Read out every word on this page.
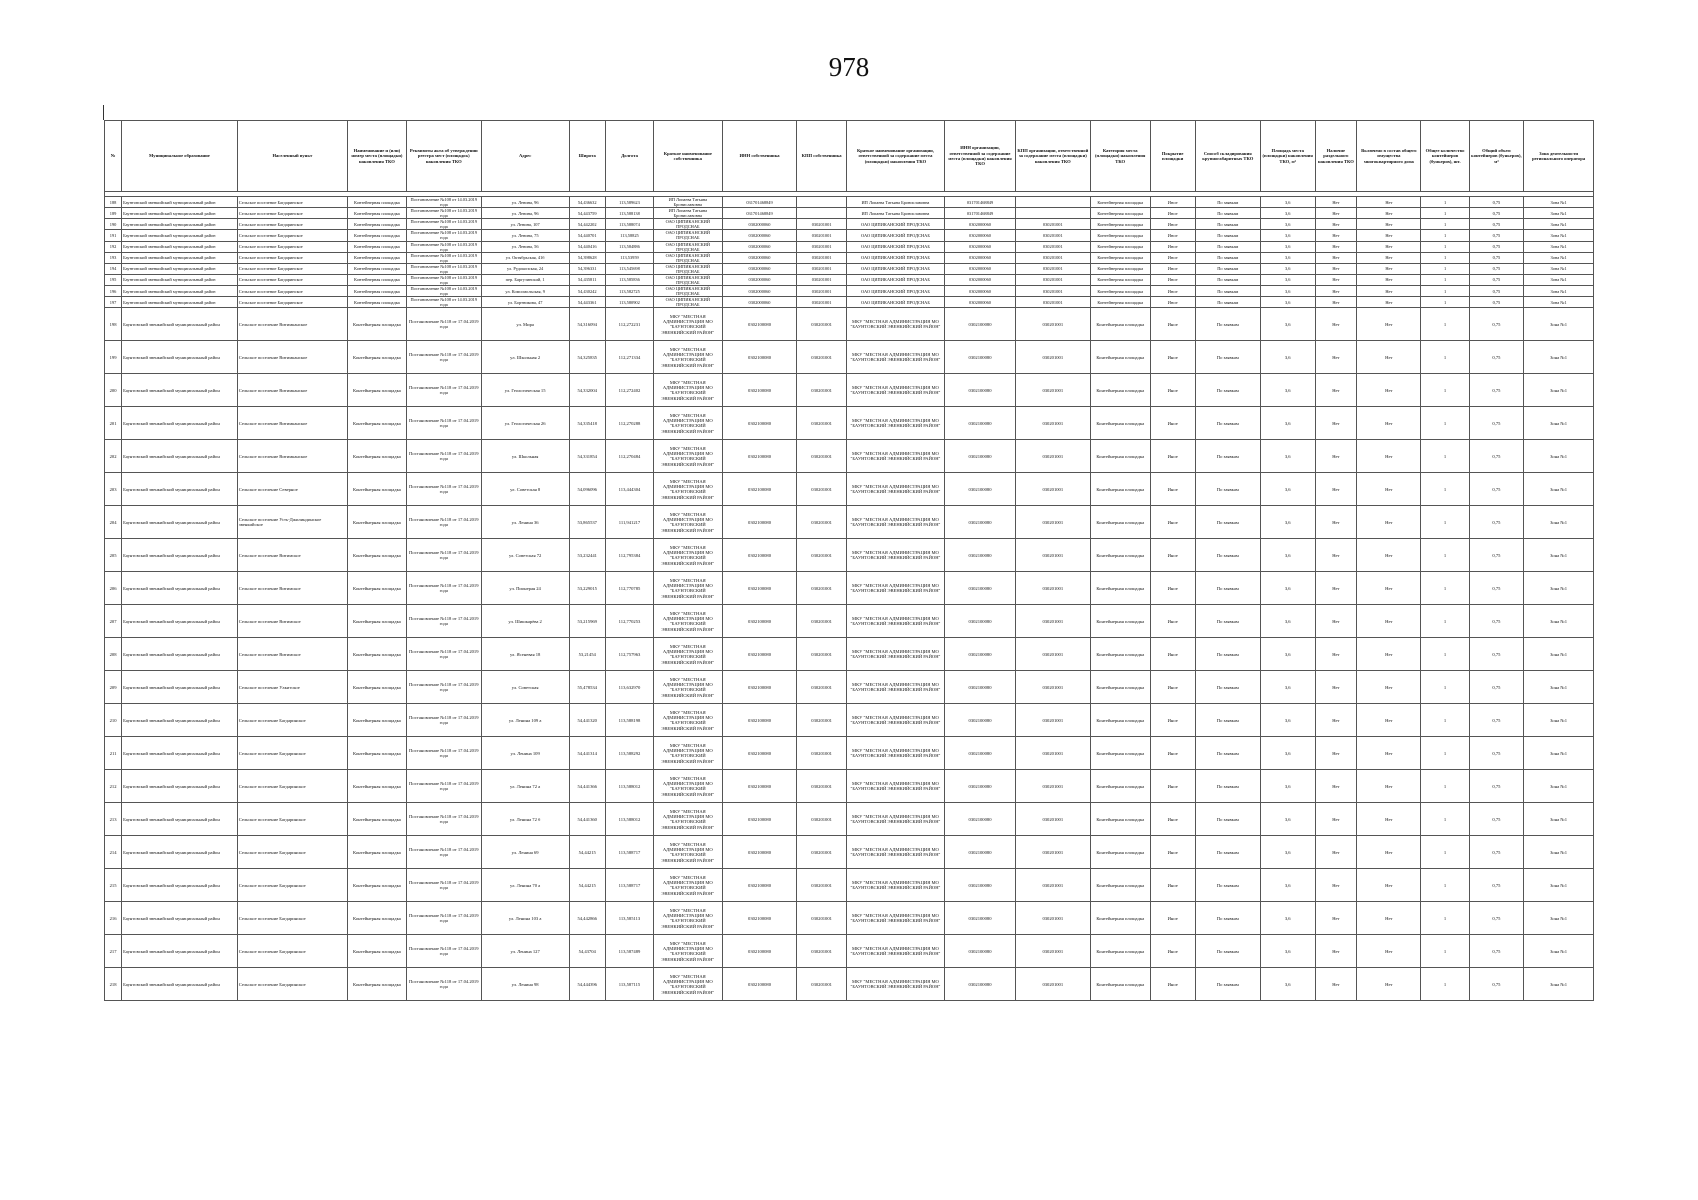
978
№	Муниципальное образование	Населенный пункт	Наименование и (или) номер места (площадки) накопления ТКО	Реквизиты акта об утверждении реестра мест (площадок) накопления ТКО	Адрес	Широта	Долгота	Краткое наименование собственника	ИНН собственника	КПП собственника	Краткое наименование организации, ответственной за содержание места (площадки) накопления ТКО	ИНН организации, ответственной за содержание места (площадки) накопления ТКО	КПП организации, ответственной за содержание места (площадки) накопления ТКО	Категория места (площадки) накопления ТКО	Покрытие площадки	Способ складирования крупногабаритных ТКО	Площадь места (площадки) накопления ТКО, м²	Наличие раздельного накопления ТКО	Включено в состав общего имущества многоквартирного дома	Общее количество контейнеров (бункеров), шт.	Общий объем контейнеров (бункеров), м³	Зона деятельности регионального оператора

188	Баунтовский эвенкийский муниципальный район	Сельское поселение Багдаринское	Контейнерная площадка	Постановление №108 от 14.03.2019 года	ул. Ленина, 96	54,436632	113,589623	ИП Лопаева Татьяна Брониславовна	031701468849		ИП Лопаева Татьяна Брониславовна	031701468849		Контейнерная площадка	Иное	По заявкам	3,6	Нет	Нет	1	0,75	Зона №1
189	Баунтовский эвенкийский муниципальный район	Сельское поселение Багдаринское	Контейнерная площадка	Постановление №108 от 14.03.2019 года	ул. Ленина, 96	54,443759	113,588138	ИП Лопаева Татьяна Брониславовна	031701468849		ИП Лопаева Татьяна Брониславовна	031701468849		Контейнерная площадка	Иное	По заявкам	3,6	Нет	Нет	1	0,75	Зона №1
190	Баунтовский эвенкийский муниципальный район	Сельское поселение Багдаринское	Контейнерная площадка	Постановление №108 от 14.03.2019 года	ул. Ленина, 107	54,442202	113,588074	ОАО ЦИПИКАНСКИЙ ПРОДСНАБ	0302000060	030201001	ОАО ЦИПИКАНСКИЙ ПРОДСНАБ	0302000060	030201001	Контейнерная площадка	Иное	По заявкам	3,6	Нет	Нет	1	0,75	Зона №1
191	Баунтовский эвенкийский муниципальный район	Сельское поселение Багдаринское	Контейнерная площадка	Постановление №108 от 14.03.2019 года	ул. Ленина, 75	54,440701	113,58825	ОАО ЦИПИКАНСКИЙ ПРОДСНАБ	0302000060	030201001	ОАО ЦИПИКАНСКИЙ ПРОДСНАБ	0302000060	030201001	Контейнерная площадка	Иное	По заявкам	3,6	Нет	Нет	1	0,75	Зона №1
192	Баунтовский эвенкийский муниципальный район	Сельское поселение Багдаринское	Контейнерная площадка	Постановление №108 от 14.03.2019 года	ул. Ленина, 56	54,440416	113,584886	ОАО ЦИПИКАНСКИЙ ПРОДСНАБ	0302000060	030201001	ОАО ЦИПИКАНСКИЙ ПРОДСНАБ	0302000060	030201001	Контейнерная площадка	Иное	По заявкам	3,6	Нет	Нет	1	0,75	Зона №1
193	Баунтовский эвенкийский муниципальный район	Сельское поселение Багдаринское	Контейнерная площадка	Постановление №108 от 14.03.2019 года	ул. Октябрьская, 41б	54,398628	113,53959	ОАО ЦИПИКАНСКИЙ ПРОДСНАБ	0302000060	030201001	ОАО ЦИПИКАНСКИЙ ПРОДСНАБ	0302000060	030201001	Контейнерная площадка	Иное	По заявкам	3,6	Нет	Нет	1	0,75	Зона №1
194	Баунтовский эвенкийский муниципальный район	Сельское поселение Багдаринское	Контейнерная площадка	Постановление №108 от 14.03.2019 года	ул. Рудокопская, 24	54,396331	113,545698	ОАО ЦИПИКАНСКИЙ ПРОДСНАБ	0302000060	030201001	ОАО ЦИПИКАНСКИЙ ПРОДСНАБ	0302000060	030201001	Контейнерная площадка	Иное	По заявкам	3,6	Нет	Нет	1	0,75	Зона №1
195	Баунтовский эвенкийский муниципальный район	Сельское поселение Багдаринское	Контейнерная площадка	Постановление №108 от 14.03.2019 года	пер. Баргузинский, 1	54,435811	113,585836	ОАО ЦИПИКАНСКИЙ ПРОДСНАБ	0302000060	030201001	ОАО ЦИПИКАНСКИЙ ПРОДСНАБ	0302000060	030201001	Контейнерная площадка	Иное	По заявкам	3,6	Нет	Нет	1	0,75	Зона №1
196	Баунтовский эвенкийский муниципальный район	Сельское поселение Багдаринское	Контейнерная площадка	Постановление №108 от 14.03.2019 года	ул. Комсомольская, 9	54,430242	113,582725	ОАО ЦИПИКАНСКИЙ ПРОДСНАБ	0302000060	030201001	ОАО ЦИПИКАНСКИЙ ПРОДСНАБ	0302000060	030201001	Контейнерная площадка	Иное	По заявкам	3,6	Нет	Нет	1	0,75	Зона №1
197	Баунтовский эвенкийский муниципальный район	Сельское поселение Багдаринское	Контейнерная площадка	Постановление №108 от 14.03.2019 года	ул. Бортникова, 47	54,443361	113,580902	ОАО ЦИПИКАНСКИЙ ПРОДСНАБ	0302000060	030201001	ОАО ЦИПИКАНСКИЙ ПРОДСНАБ	0302000060	030201001	Контейнерная площадка	Иное	По заявкам	3,6	Нет	Нет	1	0,75	Зона №1
198	Баунтовский эвенкийский муниципальный район	Сельское поселение Витимканское	Контейнерная площадка	Постановление №118 от 17.04.2019 года	ул. Мира	54,316094	112,272231	МКУ "МЕСТНАЯ АДМИНИСТРАЦИЯ МО "БАУНТОВСКИЙ ЭВЕНКИЙСКИЙ РАЙОН"	0302100080	030201001	МКУ "МЕСТНАЯ АДМИНИСТРАЦИЯ МО "БАУНТОВСКИЙ ЭВЕНКИЙСКИЙ РАЙОН"	0302100080	030201001	Контейнерная площадка	Иное	По заявкам	3,6	Нет	Нет	1	0,75	Зона №1
199	Баунтовский эвенкийский муниципальный район	Сельское поселение Витимканское	Контейнерная площадка	Постановление №118 от 17.04.2019 года	ул. Школьная 2	54,325835	112,271334	МКУ "МЕСТНАЯ АДМИНИСТРАЦИЯ МО "БАУНТОВСКИЙ ЭВЕНКИЙСКИЙ РАЙОН"	0302100080	030201001	МКУ "МЕСТНАЯ АДМИНИСТРАЦИЯ МО "БАУНТОВСКИЙ ЭВЕНКИЙСКИЙ РАЙОН"	0302100080	030201001	Контейнерная площадка	Иное	По заявкам	3,6	Нет	Нет	1	0,75	Зона №1
200	Баунтовский эвенкийский муниципальный район	Сельское поселение Витимканское	Контейнерная площадка	Постановление №118 от 17.04.2019 года	ул. Геологическая 15	54,332004	112,272402	МКУ "МЕСТНАЯ АДМИНИСТРАЦИЯ МО "БАУНТОВСКИЙ ЭВЕНКИЙСКИЙ РАЙОН"	0302100080	030201001	МКУ "МЕСТНАЯ АДМИНИСТРАЦИЯ МО "БАУНТОВСКИЙ ЭВЕНКИЙСКИЙ РАЙОН"	0302100080	030201001	Контейнерная площадка	Иное	По заявкам	3,6	Нет	Нет	1	0,75	Зона №1
201	Баунтовский эвенкийский муниципальный район	Сельское поселение Витимканское	Контейнерная площадка	Постановление №118 от 17.04.2019 года	ул. Геологическая 26	54,335418	112,270288	МКУ "МЕСТНАЯ АДМИНИСТРАЦИЯ МО "БАУНТОВСКИЙ ЭВЕНКИЙСКИЙ РАЙОН"	0302100080	030201001	МКУ "МЕСТНАЯ АДМИНИСТРАЦИЯ МО "БАУНТОВСКИЙ ЭВЕНКИЙСКИЙ РАЙОН"	0302100080	030201001	Контейнерная площадка	Иное	По заявкам	3,6	Нет	Нет	1	0,75	Зона №1
202	Баунтовский эвенкийский муниципальный район	Сельское поселение Витимканское	Контейнерная площадка	Постановление №118 от 17.04.2019 года	ул. Школьная	54,331854	112,270484	МКУ "МЕСТНАЯ АДМИНИСТРАЦИЯ МО "БАУНТОВСКИЙ ЭВЕНКИЙСКИЙ РАЙОН"	0302100080	030201001	МКУ "МЕСТНАЯ АДМИНИСТРАЦИЯ МО "БАУНТОВСКИЙ ЭВЕНКИЙСКИЙ РАЙОН"	0302100080	030201001	Контейнерная площадка	Иное	По заявкам	3,6	Нет	Нет	1	0,75	Зона №1
203	Баунтовский эвенкийский муниципальный район	Сельское поселение Северное	Контейнерная площадка	Постановление №118 от 17.04.2019 года	ул. Советская 8	54,096096	113,444304	МКУ "МЕСТНАЯ АДМИНИСТРАЦИЯ МО "БАУНТОВСКИЙ ЭВЕНКИЙСКИЙ РАЙОН"	0302100080	030201001	МКУ "МЕСТНАЯ АДМИНИСТРАЦИЯ МО "БАУНТОВСКИЙ ЭВЕНКИЙСКИЙ РАЙОН"	0302100080	030201001	Контейнерная площадка	Иное	По заявкам	3,6	Нет	Нет	1	0,75	Зона №1
204	Баунтовский эвенкийский муниципальный район	Сельское поселение Усть-Джилиндинское эвенкийское	Контейнерная площадка	Постановление №118 от 17.04.2019 года	ул. Ленина 36	53,865537	111,941217	МКУ "МЕСТНАЯ АДМИНИСТРАЦИЯ МО "БАУНТОВСКИЙ ЭВЕНКИЙСКИЙ РАЙОН"	0302100080	030201001	МКУ "МЕСТНАЯ АДМИНИСТРАЦИЯ МО "БАУНТОВСКИЙ ЭВЕНКИЙСКИЙ РАЙОН"	0302100080	030201001	Контейнерная площадка	Иное	По заявкам	3,6	Нет	Нет	1	0,75	Зона №1
205	Баунтовский эвенкийский муниципальный район	Сельское поселение Витимское	Контейнерная площадка	Постановление №118 от 17.04.2019 года	ул. Советская 72	53,232441	112,795384	МКУ "МЕСТНАЯ АДМИНИСТРАЦИЯ МО "БАУНТОВСКИЙ ЭВЕНКИЙСКИЙ РАЙОН"	0302100080	030201001	МКУ "МЕСТНАЯ АДМИНИСТРАЦИЯ МО "БАУНТОВСКИЙ ЭВЕНКИЙСКИЙ РАЙОН"	0302100080	030201001	Контейнерная площадка	Иное	По заявкам	3,6	Нет	Нет	1	0,75	Зона №1
206	Баунтовский эвенкийский муниципальный район	Сельское поселение Витимское	Контейнерная площадка	Постановление №118 от 17.04.2019 года	ул. Пионерая 24	53,229015	112,770785	МКУ "МЕСТНАЯ АДМИНИСТРАЦИЯ МО "БАУНТОВСКИЙ ЭВЕНКИЙСКИЙ РАЙОН"	0302100080	030201001	МКУ "МЕСТНАЯ АДМИНИСТРАЦИЯ МО "БАУНТОВСКИЙ ЭВЕНКИЙСКИЙ РАЙОН"	0302100080	030201001	Контейнерная площадка	Иное	По заявкам	3,6	Нет	Нет	1	0,75	Зона №1
207	Баунтовский эвенкийский муниципальный район	Сельское поселение Витимское	Контейнерная площадка	Постановление №118 от 17.04.2019 года	ул. Шишкарёва 2	53,215969	112,770253	МКУ "МЕСТНАЯ АДМИНИСТРАЦИЯ МО "БАУНТОВСКИЙ ЭВЕНКИЙСКИЙ РАЙОН"	0302100080	030201001	МКУ "МЕСТНАЯ АДМИНИСТРАЦИЯ МО "БАУНТОВСКИЙ ЭВЕНКИЙСКИЙ РАЙОН"	0302100080	030201001	Контейнерная площадка	Иное	По заявкам	3,6	Нет	Нет	1	0,75	Зона №1
208	Баунтовский эвенкийский муниципальный район	Сельское поселение Витимское	Контейнерная площадка	Постановление №118 от 17.04.2019 года	ул. Ясеневая 18	53,21454	112,757963	МКУ "МЕСТНАЯ АДМИНИСТРАЦИЯ МО "БАУНТОВСКИЙ ЭВЕНКИЙСКИЙ РАЙОН"	0302100080	030201001	МКУ "МЕСТНАЯ АДМИНИСТРАЦИЯ МО "БАУНТОВСКИЙ ЭВЕНКИЙСКИЙ РАЙОН"	0302100080	030201001	Контейнерная площадка	Иное	По заявкам	3,6	Нет	Нет	1	0,75	Зона №1
209	Баунтовский эвенкийский муниципальный район	Сельское поселение Уакитское	Контейнерная площадка	Постановление №118 от 17.04.2019 года	ул. Советская	55,478534	113,632970	МКУ "МЕСТНАЯ АДМИНИСТРАЦИЯ МО "БАУНТОВСКИЙ ЭВЕНКИЙСКИЙ РАЙОН"	0302100080	030201001	МКУ "МЕСТНАЯ АДМИНИСТРАЦИЯ МО "БАУНТОВСКИЙ ЭВЕНКИЙСКИЙ РАЙОН"	0302100080	030201001	Контейнерная площадка	Иное	По заявкам	3,6	Нет	Нет	1	0,75	Зона №1
210	Баунтовский эвенкийский муниципальный район	Сельское поселение Багдаринское	Контейнерная площадка	Постановление №118 от 17.04.2019 года	ул. Ленина 109 а	54,441320	113,588198	МКУ "МЕСТНАЯ АДМИНИСТРАЦИЯ МО "БАУНТОВСКИЙ ЭВЕНКИЙСКИЙ РАЙОН"	0302100080	030201001	МКУ "МЕСТНАЯ АДМИНИСТРАЦИЯ МО "БАУНТОВСКИЙ ЭВЕНКИЙСКИЙ РАЙОН"	0302100080	030201001	Контейнерная площадка	Иное	По заявкам	3,6	Нет	Нет	1	0,75	Зона №1
211	Баунтовский эвенкийский муниципальный район	Сельское поселение Багдаринское	Контейнерная площадка	Постановление №118 от 17.04.2019 года	ул. Ленина 109	54,441314	113,588292	МКУ "МЕСТНАЯ АДМИНИСТРАЦИЯ МО "БАУНТОВСКИЙ ЭВЕНКИЙСКИЙ РАЙОН"	0302100080	030201001	МКУ "МЕСТНАЯ АДМИНИСТРАЦИЯ МО "БАУНТОВСКИЙ ЭВЕНКИЙСКИЙ РАЙОН"	0302100080	030201001	Контейнерная площадка	Иное	По заявкам	3,6	Нет	Нет	1	0,75	Зона №1
212	Баунтовский эвенкийский муниципальный район	Сельское поселение Багдаринское	Контейнерная площадка	Постановление №118 от 17.04.2019 года	ул. Ленина 72 а	54,441366	113,588012	МКУ "МЕСТНАЯ АДМИНИСТРАЦИЯ МО "БАУНТОВСКИЙ ЭВЕНКИЙСКИЙ РАЙОН"	0302100080	030201001	МКУ "МЕСТНАЯ АДМИНИСТРАЦИЯ МО "БАУНТОВСКИЙ ЭВЕНКИЙСКИЙ РАЙОН"	0302100080	030201001	Контейнерная площадка	Иное	По заявкам	3,6	Нет	Нет	1	0,75	Зона №1
213	Баунтовский эвенкийский муниципальный район	Сельское поселение Багдаринское	Контейнерная площадка	Постановление №118 от 17.04.2019 года	ул. Ленина 72 б	54,441360	113,588012	МКУ "МЕСТНАЯ АДМИНИСТРАЦИЯ МО "БАУНТОВСКИЙ ЭВЕНКИЙСКИЙ РАЙОН"	0302100080	030201001	МКУ "МЕСТНАЯ АДМИНИСТРАЦИЯ МО "БАУНТОВСКИЙ ЭВЕНКИЙСКИЙ РАЙОН"	0302100080	030201001	Контейнерная площадка	Иное	По заявкам	3,6	Нет	Нет	1	0,75	Зона №1
214	Баунтовский эвенкийский муниципальный район	Сельское поселение Багдаринское	Контейнерная площадка	Постановление №118 от 17.04.2019 года	ул. Ленина 69	54,44215	113,588717	МКУ "МЕСТНАЯ АДМИНИСТРАЦИЯ МО "БАУНТОВСКИЙ ЭВЕНКИЙСКИЙ РАЙОН"	0302100080	030201001	МКУ "МЕСТНАЯ АДМИНИСТРАЦИЯ МО "БАУНТОВСКИЙ ЭВЕНКИЙСКИЙ РАЙОН"	0302100080	030201001	Контейнерная площадка	Иное	По заявкам	3,6	Нет	Нет	1	0,75	Зона №1
215	Баунтовский эвенкийский муниципальный район	Сельское поселение Багдаринское	Контейнерная площадка	Постановление №118 от 17.04.2019 года	ул. Ленина 70 а	54,44215	113,588717	МКУ "МЕСТНАЯ АДМИНИСТРАЦИЯ МО "БАУНТОВСКИЙ ЭВЕНКИЙСКИЙ РАЙОН"	0302100080	030201001	МКУ "МЕСТНАЯ АДМИНИСТРАЦИЯ МО "БАУНТОВСКИЙ ЭВЕНКИЙСКИЙ РАЙОН"	0302100080	030201001	Контейнерная площадка	Иное	По заявкам	3,6	Нет	Нет	1	0,75	Зона №1
216	Баунтовский эвенкийский муниципальный район	Сельское поселение Багдаринское	Контейнерная площадка	Постановление №118 от 17.04.2019 года	ул. Ленина 103 а	54,442866	113,585113	МКУ "МЕСТНАЯ АДМИНИСТРАЦИЯ МО "БАУНТОВСКИЙ ЭВЕНКИЙСКИЙ РАЙОН"	0302100080	030201001	МКУ "МЕСТНАЯ АДМИНИСТРАЦИЯ МО "БАУНТОВСКИЙ ЭВЕНКИЙСКИЙ РАЙОН"	0302100080	030201001	Контейнерная площадка	Иное	По заявкам	3,6	Нет	Нет	1	0,75	Зона №1
217	Баунтовский эвенкийский муниципальный район	Сельское поселение Багдаринское	Контейнерная площадка	Постановление №118 от 17.04.2019 года	ул. Ленина 127	54,43704	113,587489	МКУ "МЕСТНАЯ АДМИНИСТРАЦИЯ МО "БАУНТОВСКИЙ ЭВЕНКИЙСКИЙ РАЙОН"	0302100080	030201001	МКУ "МЕСТНАЯ АДМИНИСТРАЦИЯ МО "БАУНТОВСКИЙ ЭВЕНКИЙСКИЙ РАЙОН"	0302100080	030201001	Контейнерная площадка	Иное	По заявкам	3,6	Нет	Нет	1	0,75	Зона №1
218	Баунтовский эвенкийский муниципальный район	Сельское поселение Багдаринское	Контейнерная площадка	Постановление №118 от 17.04.2019 года	ул. Ленина 98	54,444396	113,587115	МКУ "МЕСТНАЯ АДМИНИСТРАЦИЯ МО "БАУНТОВСКИЙ ЭВЕНКИЙСКИЙ РАЙОН"	0302100080	030201001	МКУ "МЕСТНАЯ АДМИНИСТРАЦИЯ МО "БАУНТОВСКИЙ ЭВЕНКИЙСКИЙ РАЙОН"	0302100080	030201001	Контейнерная площадка	Иное	По заявкам	3,6	Нет	Нет	1	0,75	Зона №1
